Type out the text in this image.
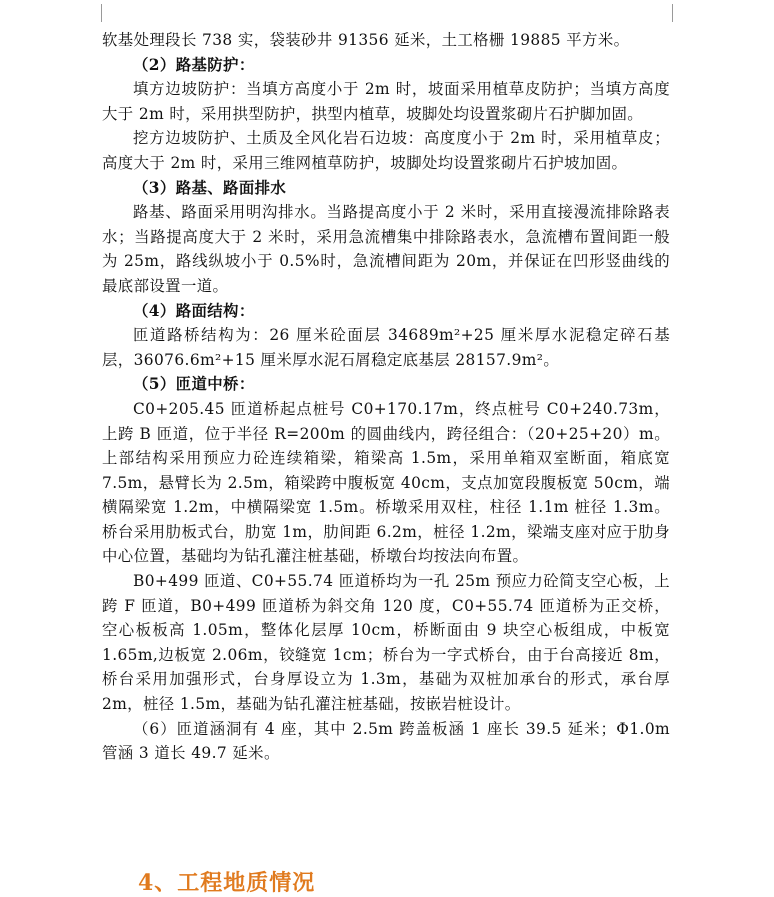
软基处理段长 738 实，袋装砂井 91356 延米，土工格栅 19885 平方米。

（2）路基防护：

填方边坡防护：当填方高度小于 2m 时，坡面采用植草皮防护；当填方高度大于 2m 时，采用拱型防护，拱型内植草，坡脚处均设置浆砌片石护脚加固。

挖方边坡防护、土质及全风化岩石边坡：高度度小于 2m 时，采用植草皮；高度大于 2m 时，采用三维网植草防护，坡脚处均设置浆砌片石护坡加固。

（3）路基、路面排水

路基、路面采用明沟排水。当路提高度小于 2 米时，采用直接漫流排除路表水；当路提高度大于 2 米时，采用急流槽集中排除路表水，急流槽布置间距一般为 25m，路线纵坡小于 0.5%时，急流槽间距为 20m，并保证在凹形竖曲线的最底部设置一道。

（4）路面结构：

匝道路桥结构为：26 厘米砼面层 34689m²+25 厘米厚水泥稳定碎石基层，36076.6m²+15 厘米厚水泥石屑稳定底基层 28157.9m²。

（5）匝道中桥：

C0+205.45 匝道桥起点桩号 C0+170.17m，终点桩号 C0+240.73m，上跨 B 匝道，位于半径 R=200m 的圆曲线内，跨径组合：（20+25+20）m。上部结构采用预应力砼连续箱梁，箱梁高 1.5m，采用单箱双室断面，箱底宽 7.5m，悬臂长为 2.5m，箱梁跨中腹板宽 40cm，支点加宽段腹板宽 50cm，端横隔梁宽 1.2m，中横隔梁宽 1.5m。桥墩采用双柱，柱径 1.1m 桩径 1.3m。桥台采用肋板式台，肋宽 1m，肋间距 6.2m，桩径 1.2m，梁端支座对应于肋身中心位置，基础均为钻孔灌注桩基础，桥墩台均按法向布置。

B0+499 匝道、C0+55.74 匝道桥均为一孔 25m 预应力砼简支空心板，上跨 F 匝道，B0+499 匝道桥为斜交角 120 度，C0+55.74 匝道桥为正交桥，空心板板高 1.05m，整体化层厚 10cm，桥断面由 9 块空心板组成，中板宽 1.65m,边板宽 2.06m，铰缝宽 1cm；桥台为一字式桥台，由于台高接近 8m，桥台采用加强形式，台身厚设立为 1.3m，基础为双桩加承台的形式，承台厚 2m，桩径 1.5m，基础为钻孔灌注桩基础，按嵌岩桩设计。

（6）匝道涵洞有 4 座，其中 2.5m 跨盖板涵 1 座长 39.5 延米；Φ1.0m 管涵 3 道长 49.7 延米。

4、工程地质情况
